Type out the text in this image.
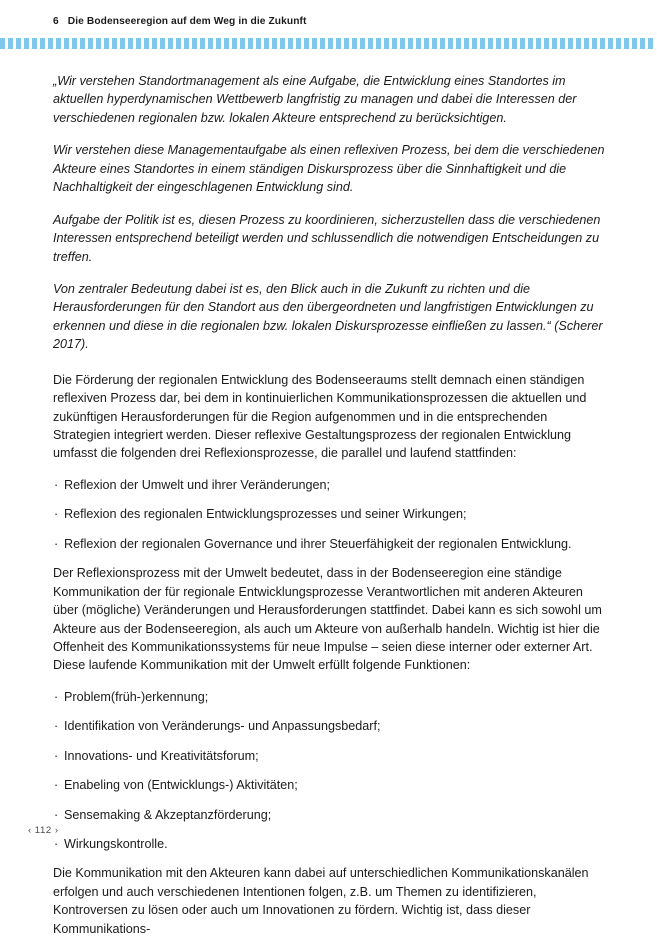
6 Die Bodenseeregion auf dem Weg in die Zukunft

„Wir verstehen Standortmanagement als eine Aufgabe, die Entwicklung eines Standortes im aktuellen hyperdynamischen Wettbewerb langfristig zu managen und dabei die Interessen der verschiedenen regionalen bzw. lokalen Akteure entsprechend zu berücksichtigen.

Wir verstehen diese Managementaufgabe als einen reflexiven Prozess, bei dem die verschiedenen Akteure eines Standortes in einem ständigen Diskursprozess über die Sinnhaftigkeit und die Nachhaltigkeit der eingeschlagenen Entwicklung sind.

Aufgabe der Politik ist es, diesen Prozess zu koordinieren, sicherzustellen dass die verschiedenen Interessen entsprechend beteiligt werden und schlussendlich die notwendigen Entscheidungen zu treffen.

Von zentraler Bedeutung dabei ist es, den Blick auch in die Zukunft zu richten und die Herausforderungen für den Standort aus den übergeordneten und langfristigen Entwicklungen zu erkennen und diese in die regionalen bzw. lokalen Diskursprozesse einfließen zu lassen.“ (Scherer 2017).

Die Förderung der regionalen Entwicklung des Bodenseeraums stellt demnach einen ständigen reflexiven Prozess dar, bei dem in kontinuierlichen Kommunikationsprozessen die aktuellen und zukünftigen Herausforderungen für die Region aufgenommen und in die entsprechenden Strategien integriert werden. Dieser reflexive Gestaltungsprozess der regionalen Entwicklung umfasst die folgenden drei Reflexionsprozesse, die parallel und laufend stattfinden:

· Reflexion der Umwelt und ihrer Veränderungen;
· Reflexion des regionalen Entwicklungsprozesses und seiner Wirkungen;
· Reflexion der regionalen Governance und ihrer Steuerfähigkeit der regionalen Entwicklung.

Der Reflexionsprozess mit der Umwelt bedeutet, dass in der Bodenseeregion eine ständige Kommunikation der für regionale Entwicklungsprozesse Verantwortlichen mit anderen Akteuren über (mögliche) Veränderungen und Herausforderungen stattfindet. Dabei kann es sich sowohl um Akteure aus der Bodenseeregion, als auch um Akteure von außerhalb handeln. Wichtig ist hier die Offenheit des Kommunikationssystems für neue Impulse – seien diese interner oder externer Art. Diese laufende Kommunikation mit der Umwelt erfüllt folgende Funktionen:

· Problem(früh-)erkennung;
· Identifikation von Veränderungs- und Anpassungsbedarf;
· Innovations- und Kreativitätsforum;
· Enabeling von (Entwicklungs-) Aktivitäten;
· Sensemaking & Akzeptanzförderung;
· Wirkungskontrolle.

Die Kommunikation mit den Akteuren kann dabei auf unterschiedlichen Kommunikationskanälen erfolgen und auch verschiedenen Intentionen folgen, z.B. um Themen zu identifizieren, Kontroversen zu lösen oder auch um Innovationen zu fördern. Wichtig ist, dass dieser Kommunikations-

‹ 112 ›
